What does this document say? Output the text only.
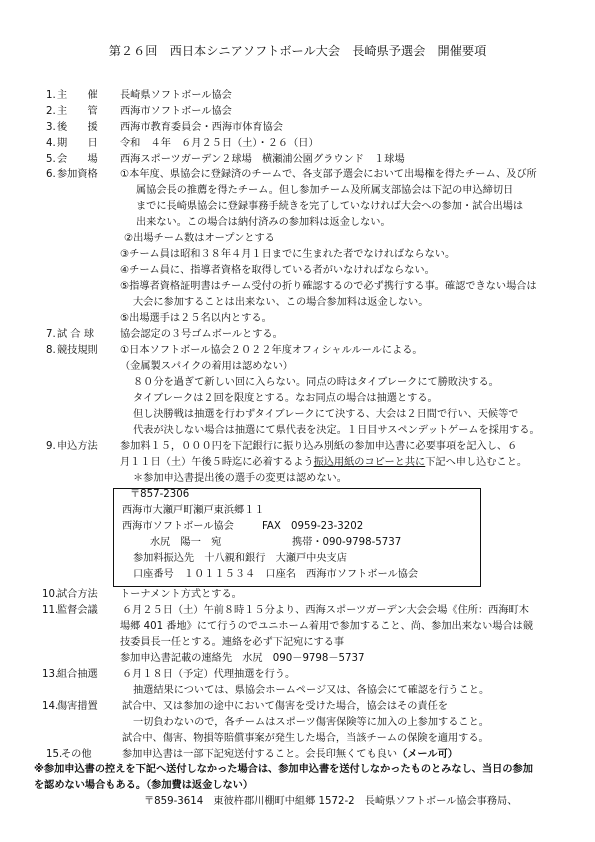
第２６回　西日本シニアソフトボール大会　長崎県予選会　開催要項
1. 主　　催 長崎県ソフトボール協会
2. 主　　管 西海市ソフトボール協会
3. 後　　援 西海市教育委員会・西海市体育協会
4. 期　　日 令和　４年　６月２５日（土）・２６（日）
5. 会　　場 西海スポーツガーデン２球場　横瀬浦公園グラウンド　１球場
6. 参加資格 ①本年度、県協会に登録済のチームで、各支部予選会において出場権を得たチーム、及び所
属協会長の推薦を得たチーム。但し参加チーム及所属支部協会は下記の申込締切日
までに長崎県協会に登録事務手続きを完了していなければ大会への参加・試合出場は
出来ない。この場合は納付済みの参加料は返金しない。
②出場チーム数はオープンとする
③チーム員は昭和３８年４月１日までに生まれた者でなければならない。
④チーム員に、指導者資格を取得している者がいなければならない。
⑤指導者資格証明書はチーム受付の折り確認するので必ず携行する事。確認できない場合は
大会に参加することは出来ない、この場合参加料は返金しない。
⑤出場選手は２５名以内とする。
7. 試 合 球	協会認定の３号ゴムボールとする。
8. 競技規則 ①日本ソフトボール協会２０２２年度オフィシャルルールによる。
（金属製スパイクの着用は認めない）
８０分を過ぎて新しい回に入らない。同点の時はタイブレークにて勝敗決する。
タイブレークは２回を限度とする。なお同点の場合は抽選とする。
但し決勝戦は抽選を行わずタイブレークにて決する、大会は２日間で行い、天候等で
代表が決しない場合は抽選にて県代表を決定。１日目サスペンデットゲームを採用する。
9. 申込方法 参加料１５，０００円を下記銀行に振り込み別紙の参加申込書に必要事項を記入し、６
月１１日（土）午後５時迄に必着するよう振込用紙のコピーと共に下記へ申し込むこと。
＊参加申込書提出後の選手の変更は認めない。
〒857-2306
西海市大瀬戸町瀬戸東浜郷１１
西海市ソフトボール協会	FAX　0959-23-3202
水尻　陽一　宛	携帯・090-9798-5737
参加料振込先　十八親和銀行　大瀬戸中央支店
口座番号　１０１１５３４　口座名　西海市ソフトボール協会
10.
試合方法 トーナメント方式とする。
11.
監督会議 ６月２５日（土）午前８時１５分より、西海スポーツガーデン大会会場《住所：西海町木
場郷 401 番地》にて行うのでユニホーム着用で参加すること、尚、参加出来ない場合は競
技委員長一任とする。連絡を必ず下記宛にする事
参加申込書記載の連絡先　水尻　090－9798－5737
13.
組合抽選 ６月１８日（予定）代理抽選を行う。
抽選結果については、県協会ホームページ又は、各協会にて確認を行うこと。
14.
傷害措置 試合中、又は参加の途中において傷害を受けた場合，協会はその責任を
一切負わないので，各チームはスポーツ傷害保険等に加入の上参加すること。
試合中、傷害、物損等賠償事案が発生した場合，当該チームの保険を適用する。
15.
その他	参加申込書は一部下記宛送付すること。会長印無くても良い（メール可）
※参加申込書の控えを下記へ送付しなかった場合は、参加申込書を送付しなかったものとみなし、当日の参加
を認めない場合もある。（参加費は返金しない）
〒859-3614　東彼杵郡川棚町中組郷 1572-2　長崎県ソフトボール協会事務局、
